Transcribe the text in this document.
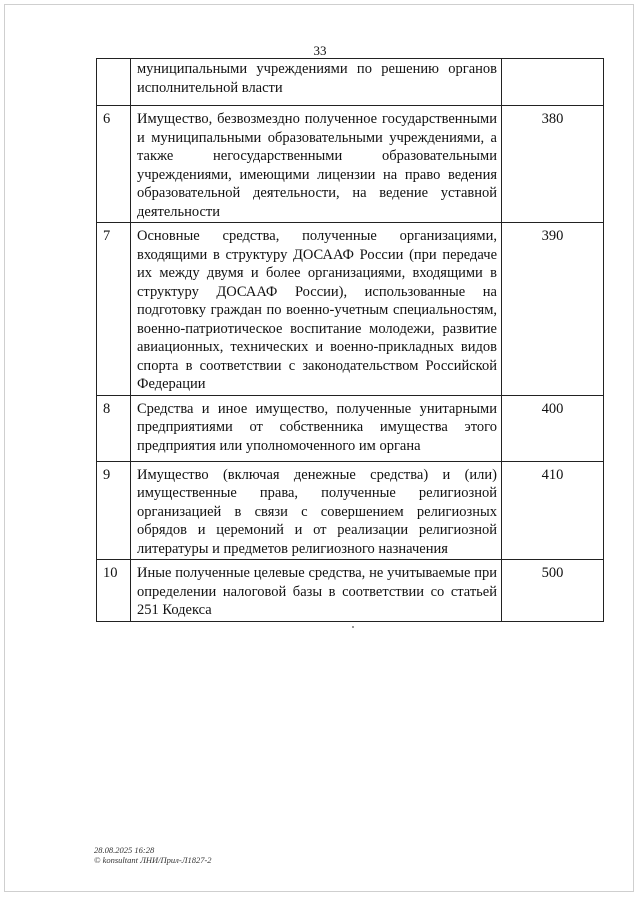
33
	муниципальными учреждениями по решению органов исполнительной власти	
6	Имущество, безвозмездно полученное государственными и муниципальными образовательными учреждениями, а также негосударственными образовательными учреждениями, имеющими лицензии на право ведения образовательной деятельности, на ведение уставной деятельности	380
7	Основные средства, полученные организациями, входящими в структуру ДОСААФ России (при передаче их между двумя и более организациями, входящими в структуру ДОСААФ России), использованные на подготовку граждан по военно-учетным специальностям, военно-патриотическое воспитание молодежи, развитие авиационных, технических и военно-прикладных видов спорта в соответствии с законодательством Российской Федерации	390
8	Средства и иное имущество, полученные унитарными предприятиями от собственника имущества этого предприятия или уполномоченного им органа	400
9	Имущество (включая денежные средства) и (или) имущественные права, полученные религиозной организацией в связи с совершением религиозных обрядов и церемоний и от реализации религиозной литературы и предметов религиозного назначения	410
10	Иные полученные целевые средства, не учитываемые при определении налоговой базы в соответствии со статьей 251 Кодекса	500
28.08.2025 16:28
© konsultant ЛНИ/Прил-Л1827-2
